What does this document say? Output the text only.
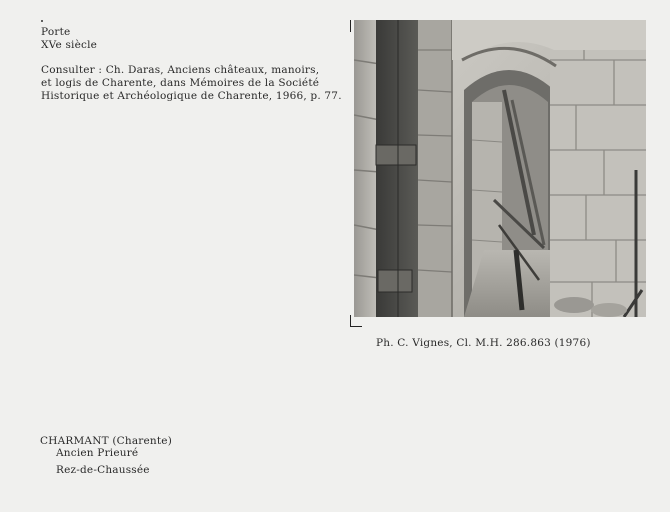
Porte
XVe siècle
Consulter : Ch. Daras, Anciens châteaux, manoirs,
et logis de Charente, dans Mémoires de la Société
Historique et Archéologique de Charente, 1966, p. 77.
Ph. C. Vignes, Cl. M.H. 286.863 (1976)
CHARMANT (Charente)
Ancien Prieuré
Rez-de-Chaussée
